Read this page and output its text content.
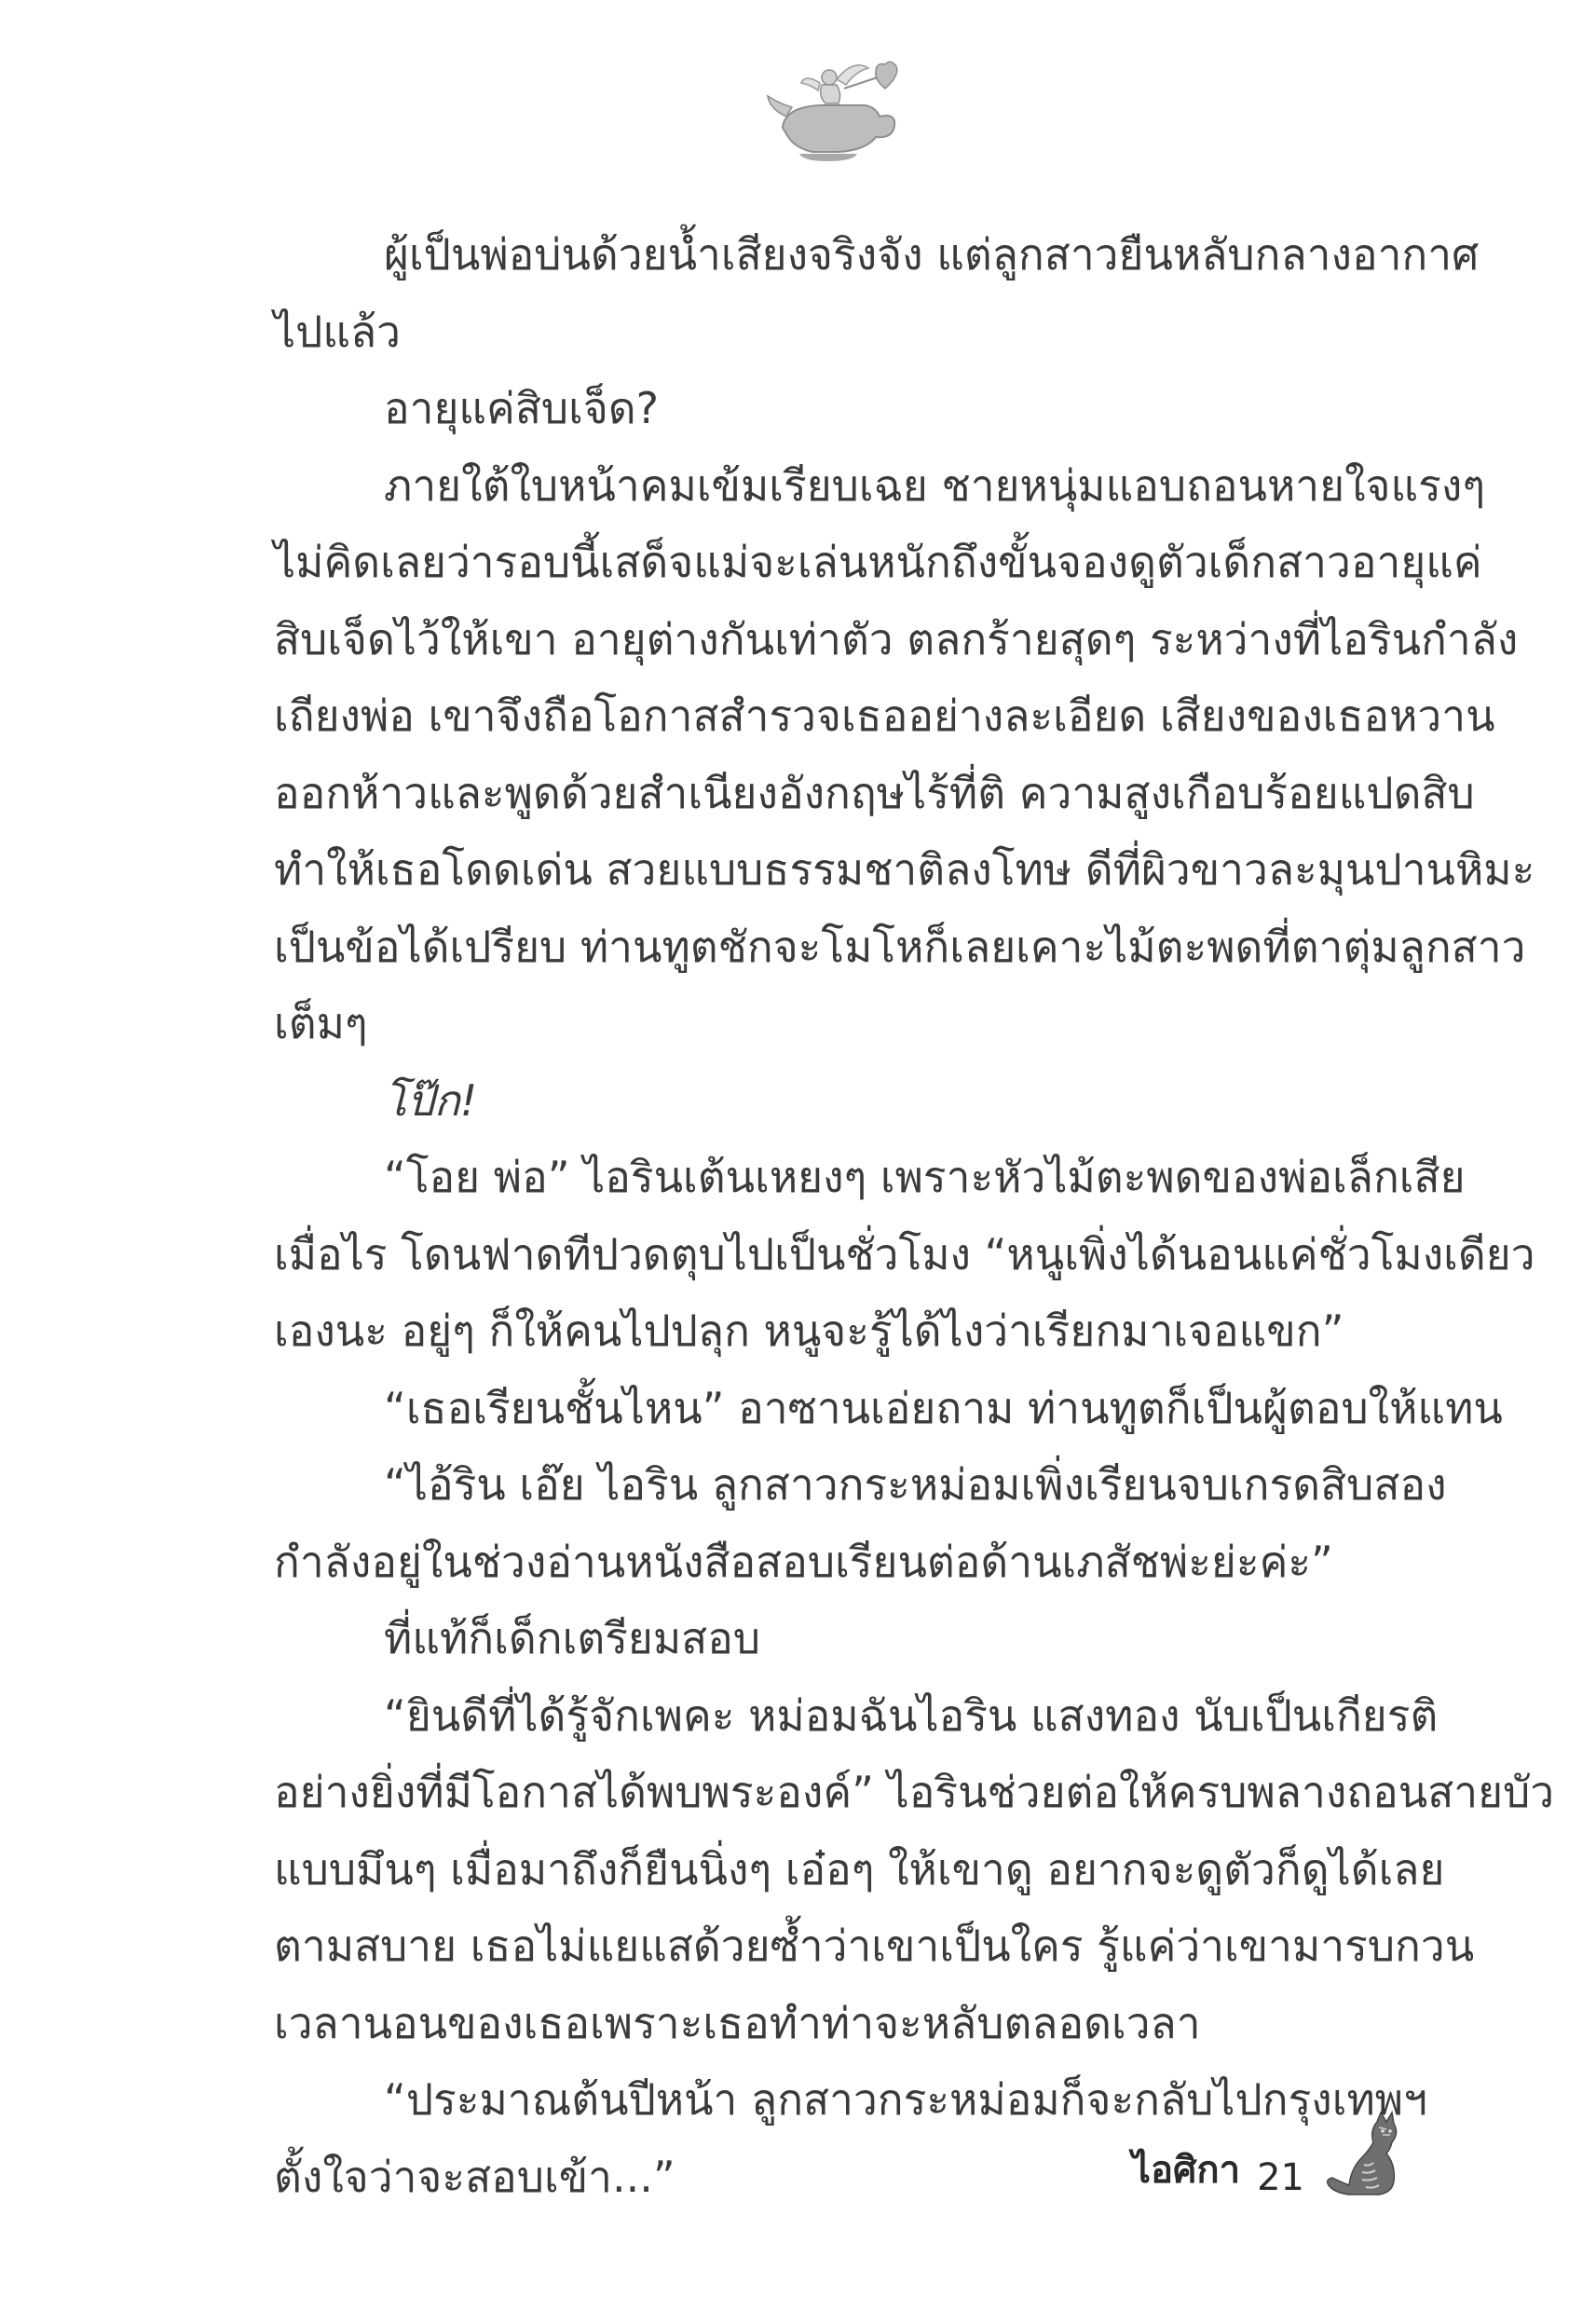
ผู้เป็นพ่อบ่นด้วยน้ำเสียงจริงจัง แต่ลูกสาวยืนหลับกลางอากาศ
ไปแล้ว
อายุแค่สิบเจ็ด?
ภายใต้ใบหน้าคมเข้มเรียบเฉย ชายหนุ่มแอบถอนหายใจแรงๆ
ไม่คิดเลยว่ารอบนี้เสด็จแม่จะเล่นหนักถึงขั้นจองดูตัวเด็กสาวอายุแค่
สิบเจ็ดไว้ให้เขา อายุต่างกันเท่าตัว ตลกร้ายสุดๆ ระหว่างที่ไอรินกำลัง
เถียงพ่อ เขาจึงถือโอกาสสำรวจเธออย่างละเอียด เสียงของเธอหวาน
ออกห้าวและพูดด้วยสำเนียงอังกฤษไร้ที่ติ ความสูงเกือบร้อยแปดสิบ
ทำให้เธอโดดเด่น สวยแบบธรรมชาติลงโทษ ดีที่ผิวขาวละมุนปานหิมะ
เป็นข้อได้เปรียบ ท่านทูตชักจะโมโหก็เลยเคาะไม้ตะพดที่ตาตุ่มลูกสาว
เต็มๆ
โป๊ก!
“โอย พ่อ” ไอรินเต้นเหยงๆ เพราะหัวไม้ตะพดของพ่อเล็กเสีย
เมื่อไร โดนฟาดทีปวดตุบไปเป็นชั่วโมง “หนูเพิ่งได้นอนแค่ชั่วโมงเดียว
เองนะ อยู่ๆ ก็ให้คนไปปลุก หนูจะรู้ได้ไงว่าเรียกมาเจอแขก”
“เธอเรียนชั้นไหน” อาซานเอ่ยถาม ท่านทูตก็เป็นผู้ตอบให้แทน
“ไอ้ริน เอ๊ย ไอริน ลูกสาวกระหม่อมเพิ่งเรียนจบเกรดสิบสอง
กำลังอยู่ในช่วงอ่านหนังสือสอบเรียนต่อด้านเภสัชพ่ะย่ะค่ะ”
ที่แท้ก็เด็กเตรียมสอบ
“ยินดีที่ได้รู้จักเพคะ หม่อมฉันไอริน แสงทอง นับเป็นเกียรติ
อย่างยิ่งที่มีโอกาสได้พบพระองค์” ไอรินช่วยต่อให้ครบพลางถอนสายบัว
แบบมึนๆ เมื่อมาถึงก็ยืนนิ่งๆ เอ๋อๆ ให้เขาดู อยากจะดูตัวก็ดูได้เลย
ตามสบาย เธอไม่แยแสด้วยซ้ำว่าเขาเป็นใคร รู้แค่ว่าเขามารบกวน
เวลานอนของเธอเพราะเธอทำท่าจะหลับตลอดเวลา
“ประมาณต้นปีหน้า ลูกสาวกระหม่อมก็จะกลับไปกรุงเทพฯ
ตั้งใจว่าจะสอบเข้า...”	ไอศิกา 21
